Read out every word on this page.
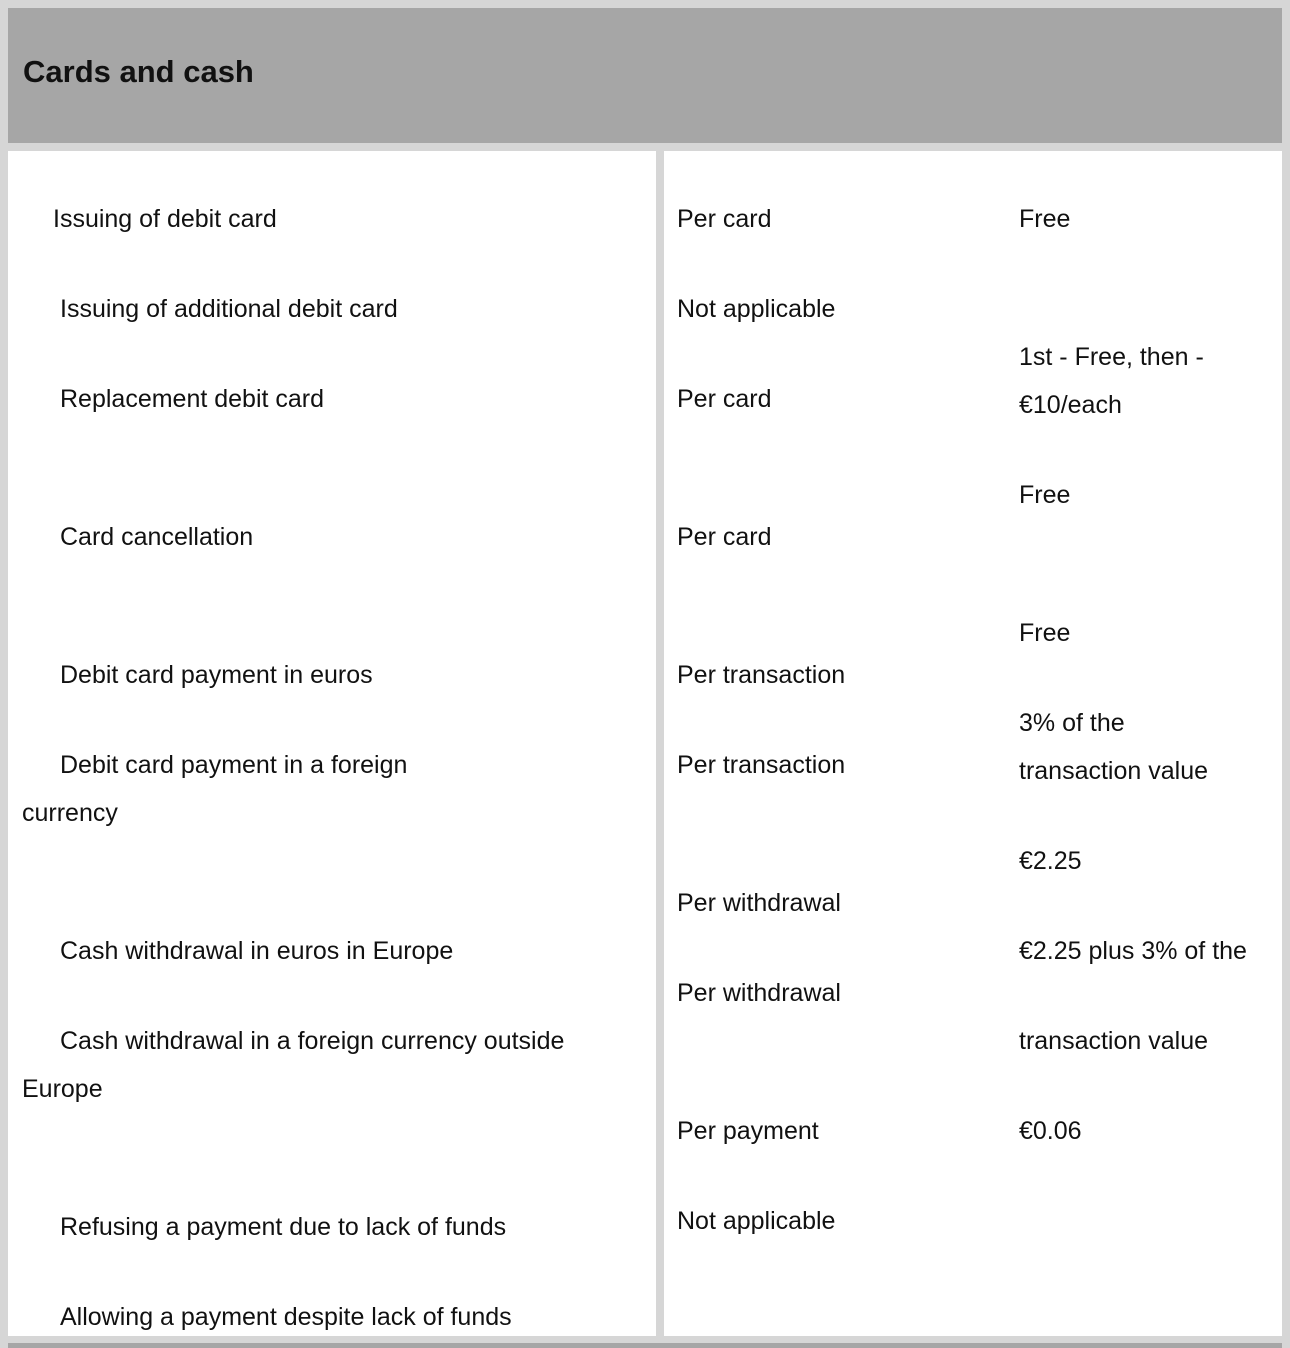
Cards and cash
Issuing of debit card
Issuing of additional debit card
Replacement debit card
Card cancellation
Debit card payment in euros
Debit card payment in a foreign
currency
Cash withdrawal in euros in Europe
Cash withdrawal in a foreign currency outside
Europe
Refusing a payment due to lack of funds
Allowing a payment despite lack of funds
Per card
Not applicable
Per card
Per card
Per transaction
Per transaction
Per withdrawal
Per withdrawal
Per payment
Not applicable
Free
1st - Free, then -
€10/each
Free
Free
3% of the
transaction value
€2.25
€2.25 plus 3% of the
transaction value
€0.06
